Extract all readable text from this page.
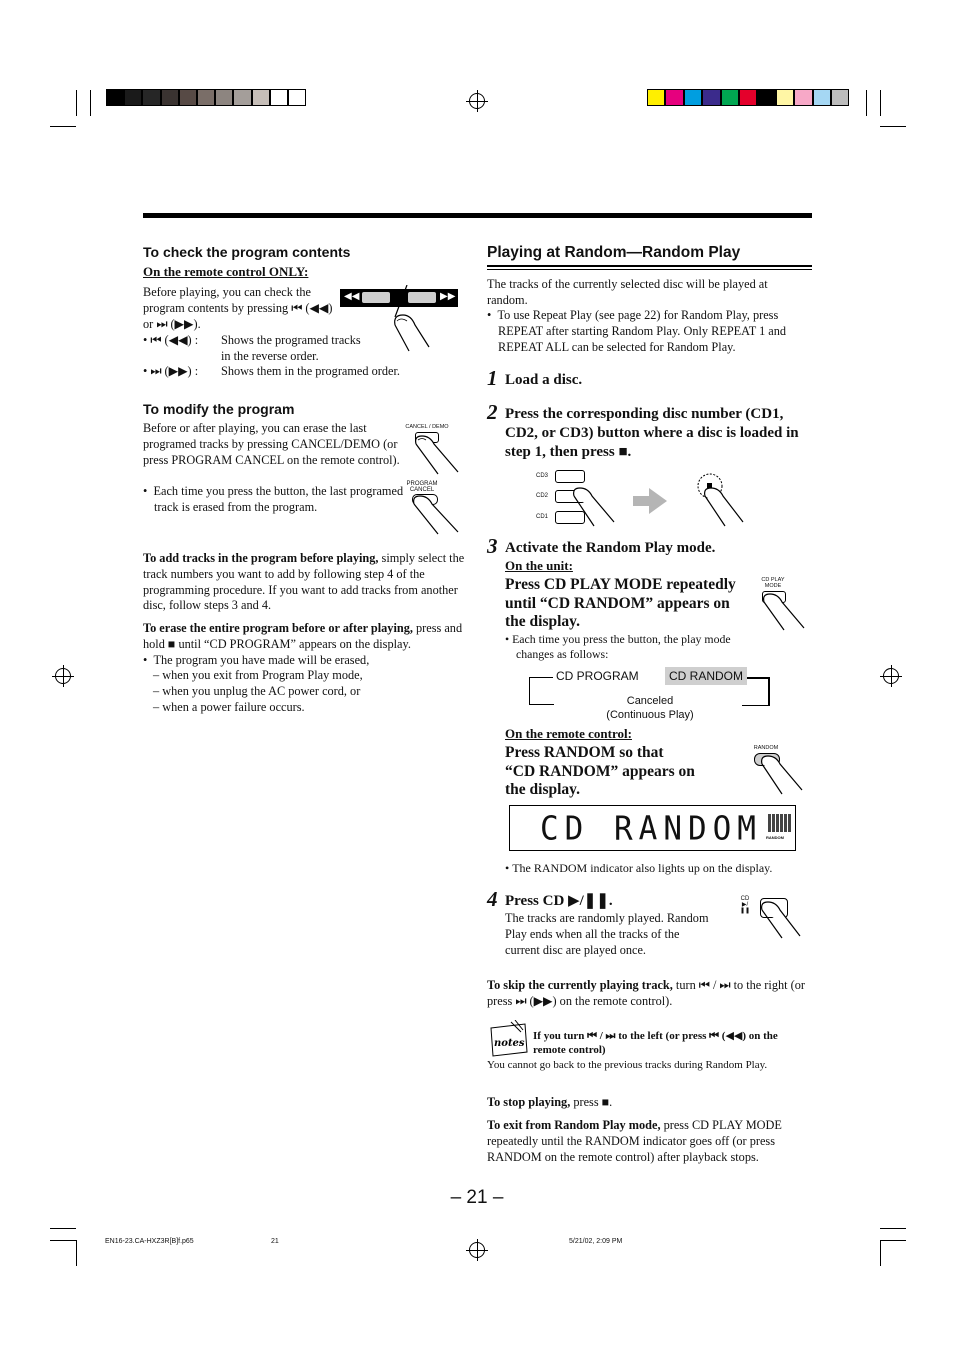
To check the program contents
On the remote control ONLY:
Before playing, you can check the program contents by pressing ⏮ (◀◀) or ⏭ (▶▶).
◀◀	▶▶
• ⏮ (◀◀) :	Shows the programed tracks in the reverse order.
• ⏭ (▶▶) :	Shows them in the programed order.
To modify the program
Before or after playing, you can erase the last programed tracks by pressing CANCEL/DEMO (or press PROGRAM CANCEL on the remote control).
•  Each time you press the button, the last programed track is erased from the program.
CANCEL / DEMO
PROGRAM
CANCEL
To add tracks in the program before playing, simply select the track numbers you want to add by following step 4 of the programming procedure. If you want to add tracks from another disc, follow steps 3 and 4.
To erase the entire program before or after playing, press and hold ■ until “CD PROGRAM” appears on the display.
•  The program you have made will be erased,
– when you exit from Program Play mode,
– when you unplug the AC power cord, or
– when a power failure occurs.
Playing at Random—Random Play
The tracks of the currently selected disc will be played at random.
•  To use Repeat Play (see page 22) for Random Play, press REPEAT after starting Random Play. Only REPEAT 1 and REPEAT ALL can be selected for Random Play.
1 Load a disc.
2 Press the corresponding disc number (CD1, CD2, or CD3) button where a disc is loaded in step 1, then press ■.
CD3
CD2
CD1
3 Activate the Random Play mode.
On the unit:
Press CD PLAY MODE repeatedly until “CD RANDOM” appears on the display.
CD PLAY MODE
• Each time you press the button, the play mode changes as follows:
CD PROGRAM	CD RANDOM
Canceled
(Continuous Play)
On the remote control:
Press RANDOM so that “CD RANDOM” appears on the display.
RANDOM
CD RANDOM RANDOM
• The RANDOM indicator also lights up on the display.
4 Press CD ▶/❚❚.
The tracks are randomly played. Random Play ends when all the tracks of the current disc are played once.
CD
▶/❚❚
To skip the currently playing track, turn ⏮ / ⏭ to the right (or press ⏭ (▶▶) on the remote control).
notes
If you turn ⏮ / ⏭ to the left (or press ⏮ (◀◀) on the remote control)
You cannot go back to the previous tracks during Random Play.
To stop playing, press ■.
To exit from Random Play mode, press CD PLAY MODE repeatedly until the RANDOM indicator goes off (or press RANDOM on the remote control) after playback stops.
– 21 –
EN16-23.CA-HXZ3R[B]f.p65	21	5/21/02, 2:09 PM
